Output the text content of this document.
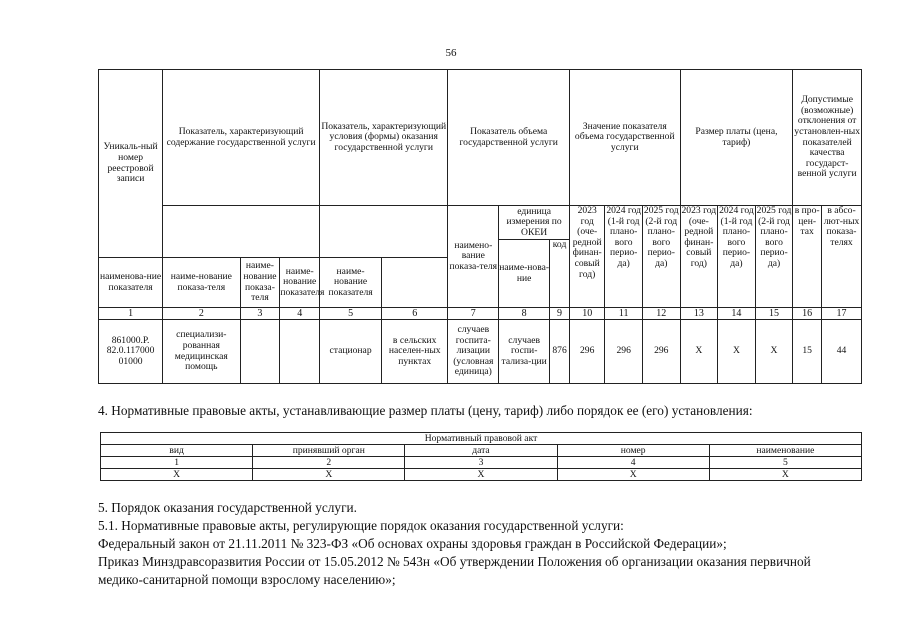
56
Уникаль-ный номер реестровой записи	Показатель, характеризующий содержание государственной услуги			Показатель, характеризующий условия (формы) оказания государственной услуги		Показатель объема государственной услуги			Значение показателя объема государственной услуги			Размер платы (цена, тариф)			Допустимые (возможные) отклонения от установлен-ных показателей качества государст-венной услуги	
						наимено-вание показа-теля	единица измерения по ОКЕИ		2023 год (оче-редной финан-совый год)	2024 год (1-й год плано-вого перио-да)	2025 год (2-й год плано-вого перио-да)	2023 год (оче-редной финан-совый год)	2024 год (1-й год плано-вого перио-да)	2025 год (2-й год плано-вого перио-да)	в про-цен-тах	в абсо-лют-ных показа-телях
							наиме-нова-ние	код								
наименова-ние показателя	наиме-нование показа-теля	наиме-нование показа-теля	наиме-нование показателя	наиме-нование показателя												
1	2	3	4	5	6	7	8	9	10	11	12	13	14	15	16	17
861000.Р. 82.0.117000 01000	специализи-рованная медицинская помощь			стационар	в сельских населен-ных пунктах	случаев госпита-лизации (условная единица)	случаев госпи-тализа-ции	876	296	296	296	X	X	X	15	44
4. Нормативные правовые акты, устанавливающие размер платы (цену, тариф) либо порядок ее (его) установления:
Нормативный правовой акт				
вид	принявший орган	дата	номер	наименование
1	2	3	4	5
X	X	X	X	X
5. Порядок оказания государственной услуги.
5.1. Нормативные правовые акты, регулирующие порядок оказания государственной услуги:
Федеральный закон от 21.11.2011 № 323-ФЗ «Об основах охраны здоровья граждан в Российской Федерации»;
Приказ Минздравсоразвития России от 15.05.2012 № 543н «Об утверждении Положения об организации оказания первичной
медико-санитарной помощи взрослому населению»;
